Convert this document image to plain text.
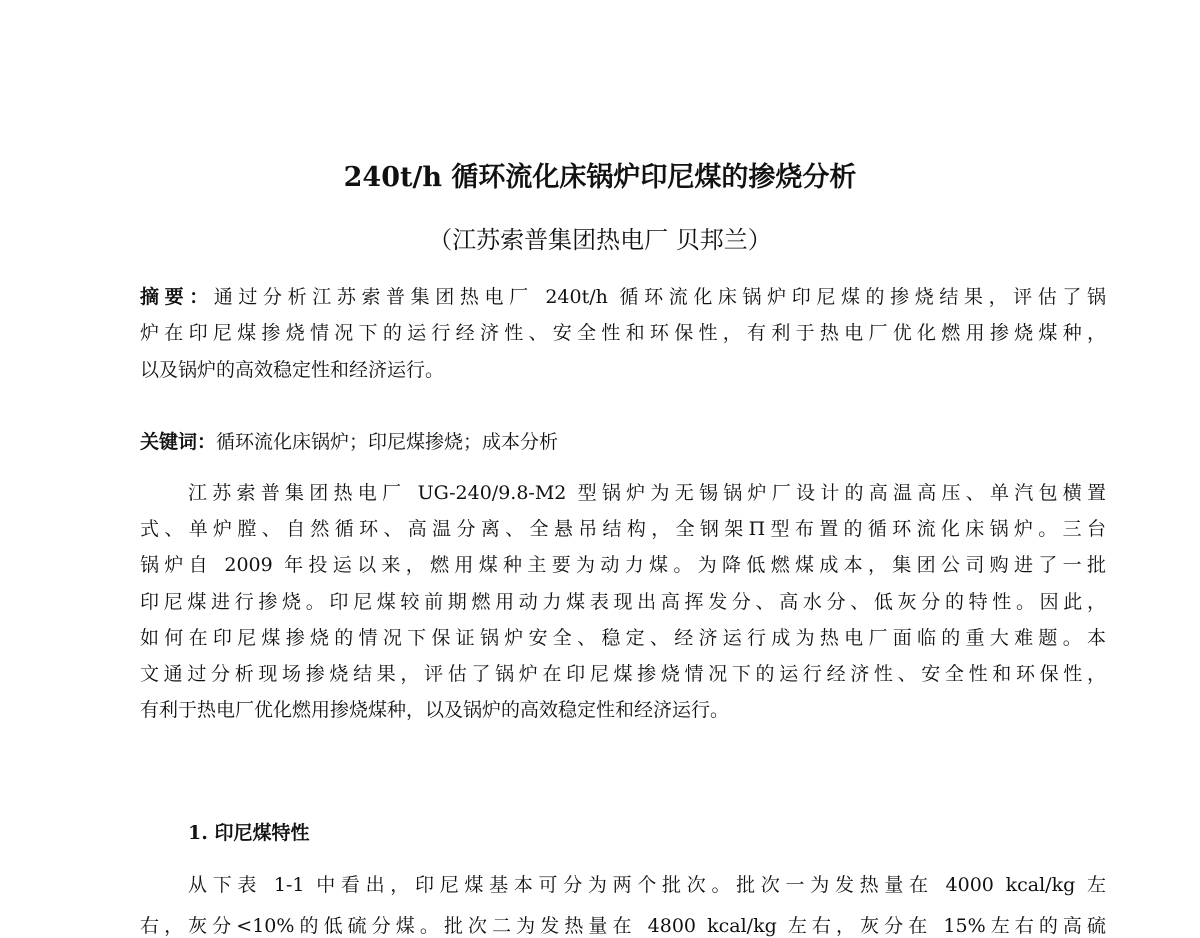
240t/h 循环流化床锅炉印尼煤的掺烧分析
（江苏索普集团热电厂 贝邦兰）
摘要：通过分析江苏索普集团热电厂 240t/h 循环流化床锅炉印尼煤的掺烧结果，评估了锅
炉在印尼煤掺烧情况下的运行经济性、安全性和环保性，有利于热电厂优化燃用掺烧煤种，
以及锅炉的高效稳定性和经济运行。
关键词：循环流化床锅炉；印尼煤掺烧；成本分析
江苏索普集团热电厂 UG-240/9.8-M2 型锅炉为无锡锅炉厂设计的高温高压、单汽包横置
式、单炉膛、自然循环、高温分离、全悬吊结构，全钢架Π型布置的循环流化床锅炉。三台
锅炉自 2009 年投运以来，燃用煤种主要为动力煤。为降低燃煤成本，集团公司购进了一批
印尼煤进行掺烧。印尼煤较前期燃用动力煤表现出高挥发分、高水分、低灰分的特性。因此，
如何在印尼煤掺烧的情况下保证锅炉安全、稳定、经济运行成为热电厂面临的重大难题。本
文通过分析现场掺烧结果，评估了锅炉在印尼煤掺烧情况下的运行经济性、安全性和环保性，
有利于热电厂优化燃用掺烧煤种，以及锅炉的高效稳定性和经济运行。
1. 印尼煤特性
从下表 1-1 中看出，印尼煤基本可分为两个批次。批次一为发热量在 4000 kcal/kg 左
右，灰分<10%的低硫分煤。批次二为发热量在 4800 kcal/kg 左右，灰分在 15%左右的高硫
